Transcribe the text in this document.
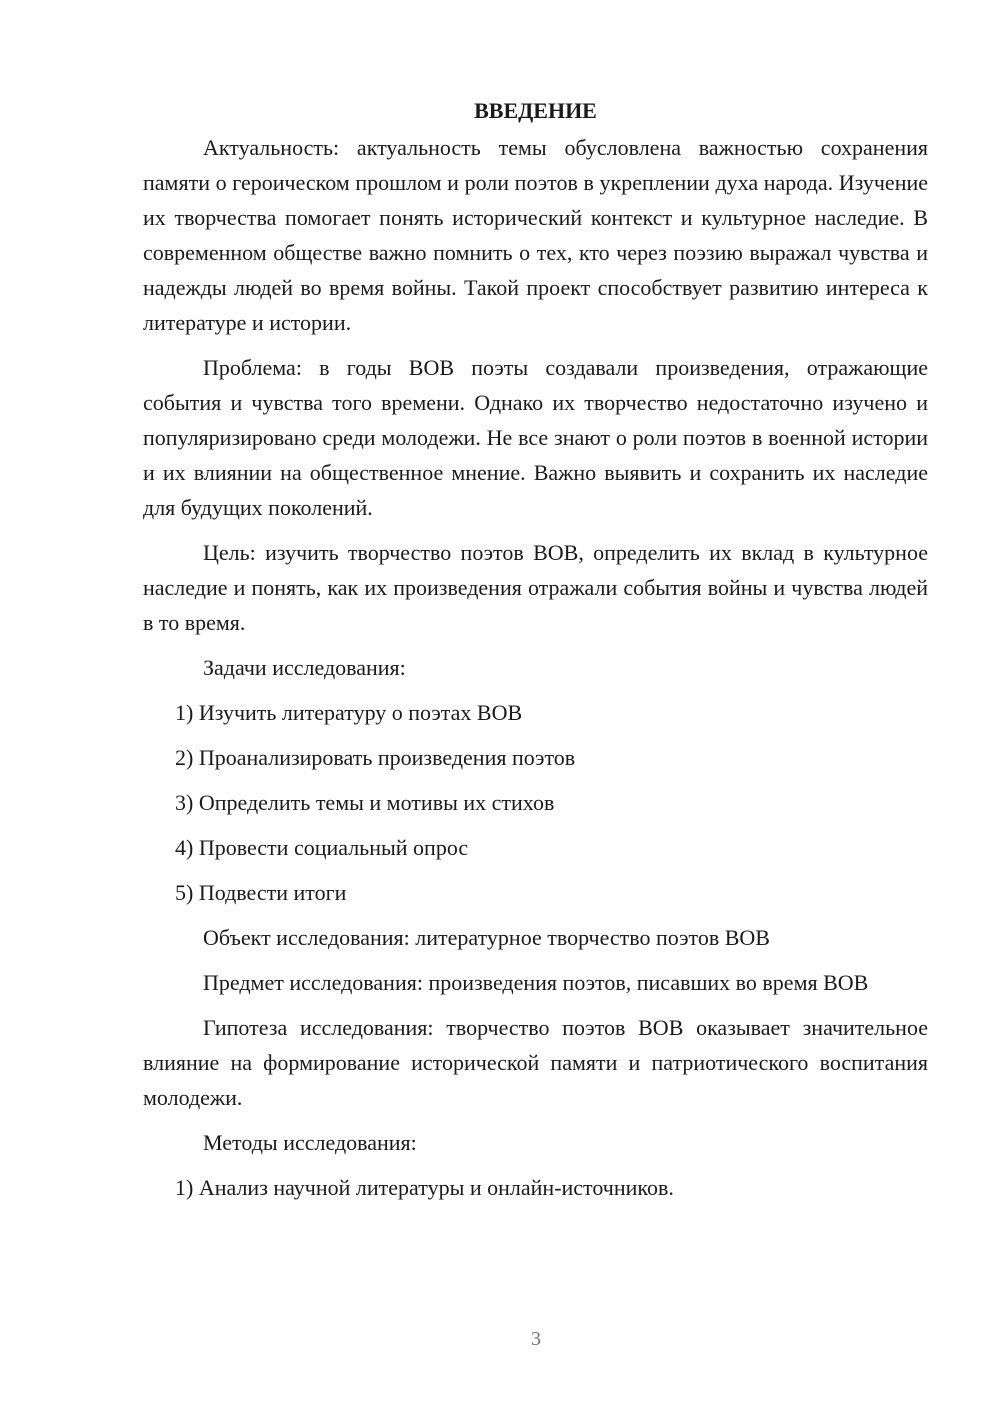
ВВЕДЕНИЕ

Актуальность: актуальность темы обусловлена важностью сохранения памяти о героическом прошлом и роли поэтов в укреплении духа народа. Изучение их творчества помогает понять исторический контекст и культурное наследие. В современном обществе важно помнить о тех, кто через поэзию выражал чувства и надежды людей во время войны. Такой проект способствует развитию интереса к литературе и истории.

Проблема: в годы ВОВ поэты создавали произведения, отражающие события и чувства того времени. Однако их творчество недостаточно изучено и популяризировано среди молодежи. Не все знают о роли поэтов в военной истории и их влиянии на общественное мнение. Важно выявить и сохранить их наследие для будущих поколений.

Цель: изучить творчество поэтов ВОВ, определить их вклад в культурное наследие и понять, как их произведения отражали события войны и чувства людей в то время.

Задачи исследования:

1) Изучить литературу о поэтах ВОВ

2) Проанализировать произведения поэтов

3) Определить темы и мотивы их стихов

4) Провести социальный опрос

5) Подвести итоги

Объект исследования: литературное творчество поэтов ВОВ

Предмет исследования: произведения поэтов, писавших во время ВОВ

Гипотеза исследования: творчество поэтов ВОВ оказывает значительное влияние на формирование исторической памяти и патриотического воспитания молодежи.

Методы исследования:

1) Анализ научной литературы и онлайн-источников.

3
